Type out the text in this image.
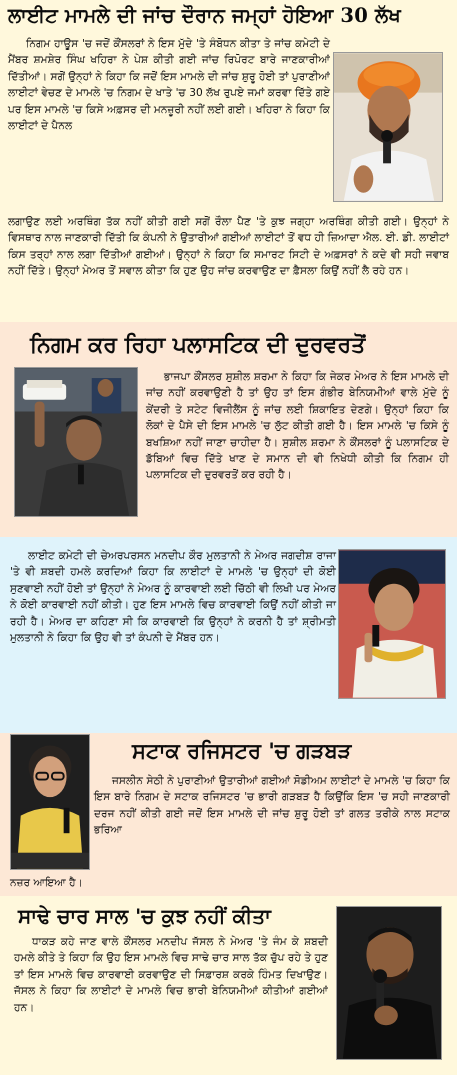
ਲਾਈਟ ਮਾਮਲੇ ਦੀ ਜਾਂਚ ਦੌਰਾਨ ਜਮ੍ਹਾਂ ਹੋਇਆ 30 ਲੱਖ

ਨਿਗਮ ਹਾਊਸ 'ਚ ਜਦੋਂ ਕੌਂਸਲਰਾਂ ਨੇ ਇਸ ਮੁੱਦੇ 'ਤੇ ਸੰਬੋਧਨ ਕੀਤਾ ਤੇ ਜਾਂਚ ਕਮੇਟੀ ਦੇ ਮੈਂਬਰ ਸ਼ਮਸ਼ੇਰ ਸਿੰਘ ਖਹਿਰਾ ਨੇ ਪੇਸ਼ ਕੀਤੀ ਗਈ ਜਾਂਚ ਰਿਪੋਰਟ ਬਾਰੇ ਜਾਣਕਾਰੀਆਂ ਦਿੱਤੀਆਂ। ਸਗੋਂ ਉਨ੍ਹਾਂ ਨੇ ਕਿਹਾ ਕਿ ਜਦੋਂ ਇਸ ਮਾਮਲੇ ਦੀ ਜਾਂਚ ਸ਼ੁਰੂ ਹੋਈ ਤਾਂ ਪੁਰਾਣੀਆਂ ਲਾਈਟਾਂ ਵੇਚਣ ਦੇ ਮਾਮਲੇ 'ਚ ਨਿਗਮ ਦੇ ਖਾਤੇ 'ਚ 30 ਲੱਖ ਰੁਪਏ ਜਮਾਂ ਕਰਵਾ ਦਿੱਤੇ ਗਏ ਪਰ ਇਸ ਮਾਮਲੇ 'ਚ ਕਿਸੇ ਅਫ਼ਸਰ ਦੀ ਮਨਜ਼ੂਰੀ ਨਹੀਂ ਲਈ ਗਈ। ਖਹਿਰਾ ਨੇ ਕਿਹਾ ਕਿ ਲਾਈਟਾਂ ਦੇ ਪੈਨਲ

ਲਗਾਉਣ ਲਈ ਅਰਥਿੰਗ ਤੱਕ ਨਹੀਂ ਕੀਤੀ ਗਈ ਸਗੋਂ ਰੌਲਾ ਪੈਣ 'ਤੇ ਕੁਝ ਜਗ੍ਹਾ ਅਰਥਿੰਗ ਕੀਤੀ ਗਈ। ਉਨ੍ਹਾਂ ਨੇ ਵਿਸਥਾਰ ਨਾਲ ਜਾਣਕਾਰੀ ਦਿੱਤੀ ਕਿ ਕੰਪਨੀ ਨੇ ਉਤਾਰੀਆਂ ਗਈਆਂ ਲਾਈਟਾਂ ਤੋਂ ਵਧ ਹੀ ਜ਼ਿਆਦਾ ਐਲ. ਈ. ਡੀ. ਲਾਈਟਾਂ ਕਿਸ ਤਰ੍ਹਾਂ ਨਾਲ ਲਗਾ ਦਿੱਤੀਆਂ ਗਈਆਂ। ਉਨ੍ਹਾਂ ਨੇ ਕਿਹਾ ਕਿ ਸਮਾਰਟ ਸਿਟੀ ਦੇ ਅਫ਼ਸਰਾਂ ਨੇ ਕਦੇ ਵੀ ਸਹੀ ਜਵਾਬ ਨਹੀਂ ਦਿੱਤੇ। ਉਨ੍ਹਾਂ ਮੇਅਰ ਤੋਂ ਸਵਾਲ ਕੀਤਾ ਕਿ ਹੁਣ ਉਹ ਜਾਂਚ ਕਰਵਾਉਣ ਦਾ ਫ਼ੈਸਲਾ ਕਿਉਂ ਨਹੀਂ ਲੈ ਰਹੇ ਹਨ।

ਨਿਗਮ ਕਰ ਰਿਹਾ ਪਲਾਸਟਿਕ ਦੀ ਦੁਰਵਰਤੋਂ

ਭਾਜਪਾ ਕੌਂਸਲਰ ਸੁਸ਼ੀਲ ਸ਼ਰਮਾ ਨੇ ਕਿਹਾ ਕਿ ਜੇਕਰ ਮੇਅਰ ਨੇ ਇਸ ਮਾਮਲੇ ਦੀ ਜਾਂਚ ਨਹੀਂ ਕਰਵਾਉਣੀ ਹੈ ਤਾਂ ਉਹ ਤਾਂ ਇਸ ਗੰਭੀਰ ਬੇਨਿਯਮੀਆਂ ਵਾਲੇ ਮੁੱਦੇ ਨੂੰ ਕੇਂਦਰੀ ਤੇ ਸਟੇਟ ਵਿਜੀਲੈਂਸ ਨੂੰ ਜਾਂਚ ਲਈ ਸ਼ਿਕਾਇਤ ਦੇਣਗੇ। ਉਨ੍ਹਾਂ ਕਿਹਾ ਕਿ ਲੋਕਾਂ ਦੇ ਪੈਸੇ ਦੀ ਇਸ ਮਾਮਲੇ 'ਚ ਲੁੱਟ ਕੀਤੀ ਗਈ ਹੈ। ਇਸ ਮਾਮਲੇ 'ਚ ਕਿਸੇ ਨੂੰ ਬਖਸ਼ਿਆ ਨਹੀਂ ਜਾਣਾ ਚਾਹੀਦਾ ਹੈ। ਸੁਸ਼ੀਲ ਸ਼ਰਮਾ ਨੇ ਕੌਂਸਲਰਾਂ ਨੂੰ ਪਲਾਸਟਿਕ ਦੇ ਡੱਬਿਆਂ ਵਿਚ ਦਿੱਤੇ ਖਾਣ ਦੇ ਸਮਾਨ ਦੀ ਵੀ ਨਿਖੇਧੀ ਕੀਤੀ ਕਿ ਨਿਗਮ ਹੀ ਪਲਾਸਟਿਕ ਦੀ ਦੁਰਵਰਤੋਂ ਕਰ ਰਹੀ ਹੈ।

ਲਾਈਟ ਕਮੇਟੀ ਦੀ ਚੇਅਰਪਰਸਨ ਮਨਦੀਪ ਕੌਰ ਮੁਲਤਾਨੀ ਨੇ ਮੇਅਰ ਜਗਦੀਸ਼ ਰਾਜਾ 'ਤੇ ਵੀ ਸ਼ਬਦੀ ਹਮਲੇ ਕਰਦਿਆਂ ਕਿਹਾ ਕਿ ਲਾਈਟਾਂ ਦੇ ਮਾਮਲੇ 'ਚ ਉਨ੍ਹਾਂ ਦੀ ਕੋਈ ਸੁਣਵਾਈ ਨਹੀਂ ਹੋਈ ਤਾਂ ਉਨ੍ਹਾਂ ਨੇ ਮੇਅਰ ਨੂੰ ਕਾਰਵਾਈ ਲਈ ਚਿੱਠੀ ਵੀ ਲਿਖੀ ਪਰ ਮੇਅਰ ਨੇ ਕੋਈ ਕਾਰਵਾਈ ਨਹੀਂ ਕੀਤੀ। ਹੁਣ ਇਸ ਮਾਮਲੇ ਵਿਚ ਕਾਰਵਾਈ ਕਿਉਂ ਨਹੀਂ ਕੀਤੀ ਜਾ ਰਹੀ ਹੈ। ਮੇਅਰ ਦਾ ਕਹਿਣਾ ਸੀ ਕਿ ਕਾਰਵਾਈ ਕਿ ਉਨ੍ਹਾਂ ਨੇ ਕਰਨੀ ਹੈ ਤਾਂ ਸ਼੍ਰੀਮਤੀ ਮੁਲਤਾਨੀ ਨੇ ਕਿਹਾ ਕਿ ਉਹ ਵੀ ਤਾਂ ਕੰਪਨੀ ਦੇ ਮੈਂਬਰ ਹਨ।

ਸਟਾਕ ਰਜਿਸਟਰ 'ਚ ਗੜਬੜ

ਜਸਲੀਨ ਸੇਠੀ ਨੇ ਪੁਰਾਣੀਆਂ ਉਤਾਰੀਆਂ ਗਈਆਂ ਸੋਡੀਅਮ ਲਾਈਟਾਂ ਦੇ ਮਾਮਲੇ 'ਚ ਕਿਹਾ ਕਿ ਇਸ ਬਾਰੇ ਨਿਗਮ ਦੇ ਸਟਾਕ ਰਜਿਸਟਰ 'ਚ ਭਾਰੀ ਗੜਬੜ ਹੈ ਕਿਉਂਕਿ ਇਸ 'ਚ ਸਹੀ ਜਾਣਕਾਰੀ ਦਰਜ ਨਹੀਂ ਕੀਤੀ ਗਈ ਜਦੋਂ ਇਸ ਮਾਮਲੇ ਦੀ ਜਾਂਚ ਸ਼ੁਰੂ ਹੋਈ ਤਾਂ ਗਲਤ ਤਰੀਕੇ ਨਾਲ ਸਟਾਕ ਭਰਿਆ

ਨਜ਼ਰ ਆਇਆ ਹੈ।

ਸਾਢੇ ਚਾਰ ਸਾਲ 'ਚ ਕੁਝ ਨਹੀਂ ਕੀਤਾ

ਧਾਕੜ ਕਹੇ ਜਾਣ ਵਾਲੇ ਕੌਂਸਲਰ ਮਨਦੀਪ ਜੱਸਲ ਨੇ ਮੇਅਰ 'ਤੇ ਜੰਮ ਕੇ ਸ਼ਬਦੀ ਹਮਲੇ ਕੀਤੇ ਤੇ ਕਿਹਾ ਕਿ ਉਹ ਇਸ ਮਾਮਲੇ ਵਿਚ ਸਾਢੇ ਚਾਰ ਸਾਲ ਤੱਕ ਚੁੱਪ ਰਹੇ ਤੇ ਹੁਣ ਤਾਂ ਇਸ ਮਾਮਲੇ ਵਿਚ ਕਾਰਵਾਈ ਕਰਵਾਉਣ ਦੀ ਸਿਫ਼ਾਰਸ਼ ਕਰਕੇ ਹਿੰਮਤ ਦਿਖਾਉਣ। ਜੱਸਲ ਨੇ ਕਿਹਾ ਕਿ ਲਾਈਟਾਂ ਦੇ ਮਾਮਲੇ ਵਿਚ ਭਾਰੀ ਬੇਨਿਯਮੀਆਂ ਕੀਤੀਆਂ ਗਈਆਂ ਹਨ।
